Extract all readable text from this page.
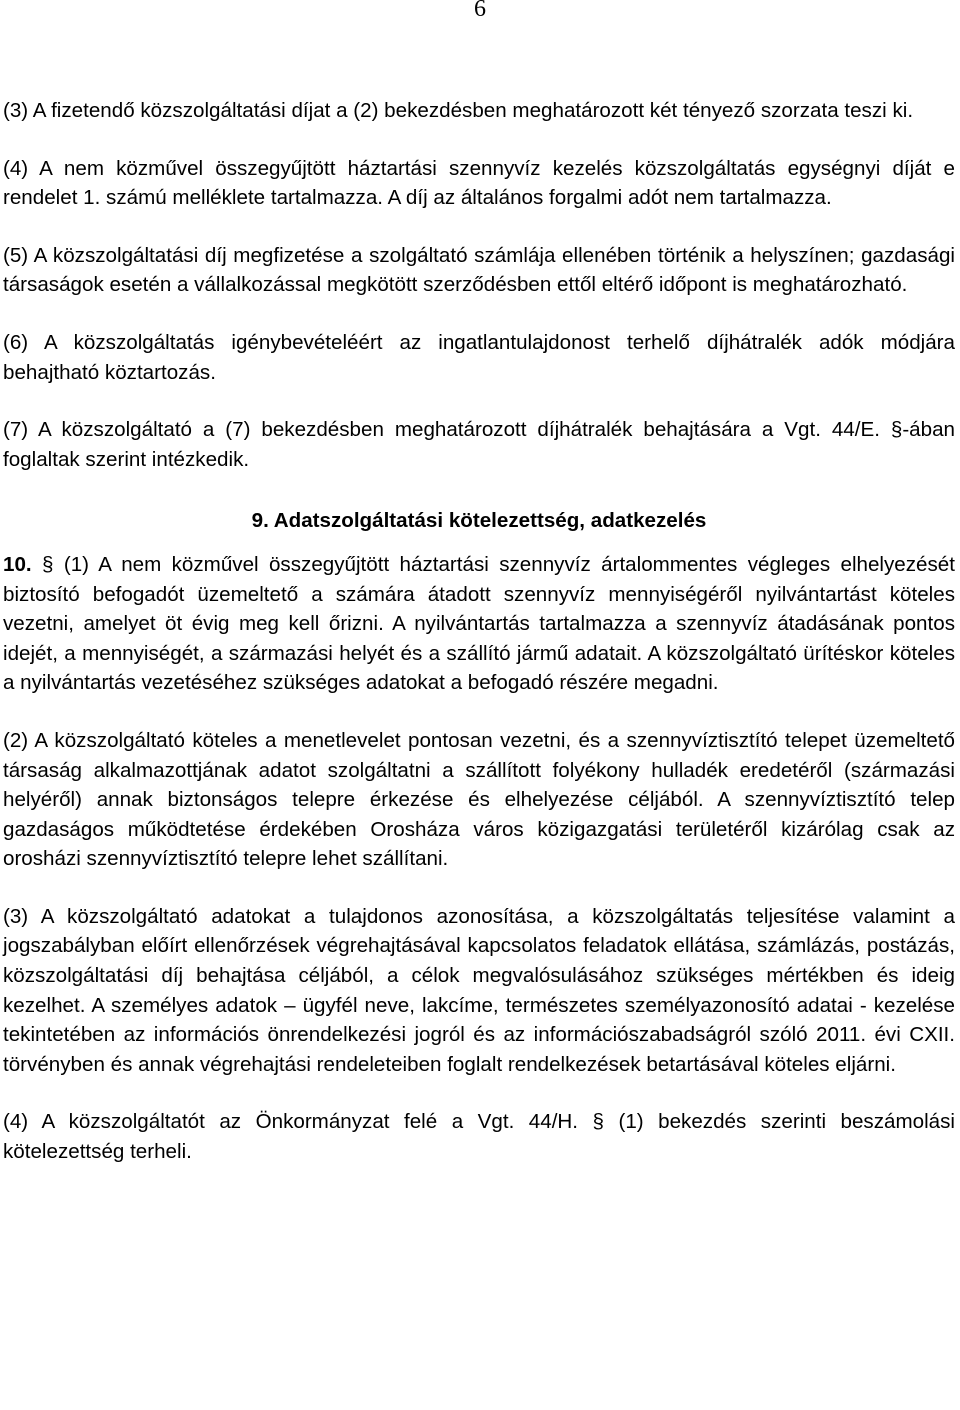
6

(3) A fizetendő közszolgáltatási díjat a (2) bekezdésben meghatározott két tényező szorzata teszi ki.

(4) A nem közművel összegyűjtött háztartási szennyvíz kezelés közszolgáltatás egységnyi díját e rendelet 1. számú melléklete tartalmazza. A díj az általános forgalmi adót nem tartalmazza.

(5) A közszolgáltatási díj megfizetése a szolgáltató számlája ellenében történik a helyszínen; gazdasági társaságok esetén a vállalkozással megkötött szerződésben ettől eltérő időpont is meghatározható.

(6) A közszolgáltatás igénybevételéért az ingatlantulajdonost terhelő díjhátralék adók módjára behajtható köztartozás.

(7) A közszolgáltató a (7) bekezdésben meghatározott díjhátralék behajtására a Vgt. 44/E. §-ában foglaltak szerint intézkedik.

9. Adatszolgáltatási kötelezettség, adatkezelés

10. § (1) A nem közművel összegyűjtött háztartási szennyvíz ártalommentes végleges elhelyezését biztosító befogadót üzemeltető a számára átadott szennyvíz mennyiségéről nyilvántartást köteles vezetni, amelyet öt évig meg kell őrizni. A nyilvántartás tartalmazza a szennyvíz átadásának pontos idejét, a mennyiségét, a származási helyét és a szállító jármű adatait. A közszolgáltató ürítéskor köteles a nyilvántartás vezetéséhez szükséges adatokat a befogadó részére megadni.

(2) A közszolgáltató köteles a menetlevelet pontosan vezetni, és a szennyvíztisztító telepet üzemeltető társaság alkalmazottjának adatot szolgáltatni a szállított folyékony hulladék eredetéről (származási helyéről) annak biztonságos telepre érkezése és elhelyezése céljából. A szennyvíztisztító telep gazdaságos működtetése érdekében Orosháza város közigazgatási területéről kizárólag csak az orosházi szennyvíztisztító telepre lehet szállítani.

(3) A közszolgáltató adatokat a tulajdonos azonosítása, a közszolgáltatás teljesítése valamint a jogszabályban előírt ellenőrzések végrehajtásával kapcsolatos feladatok ellátása, számlázás, postázás, közszolgáltatási díj behajtása céljából, a célok megvalósulásához szükséges mértékben és ideig kezelhet. A személyes adatok – ügyfél neve, lakcíme, természetes személyazonosító adatai - kezelése tekintetében az információs önrendelkezési jogról és az információszabadságról szóló 2011. évi CXII. törvényben és annak végrehajtási rendeleteiben foglalt rendelkezések betartásával köteles eljárni.

(4) A közszolgáltatót az Önkormányzat felé a Vgt. 44/H. § (1) bekezdés szerinti beszámolási kötelezettség terheli.
